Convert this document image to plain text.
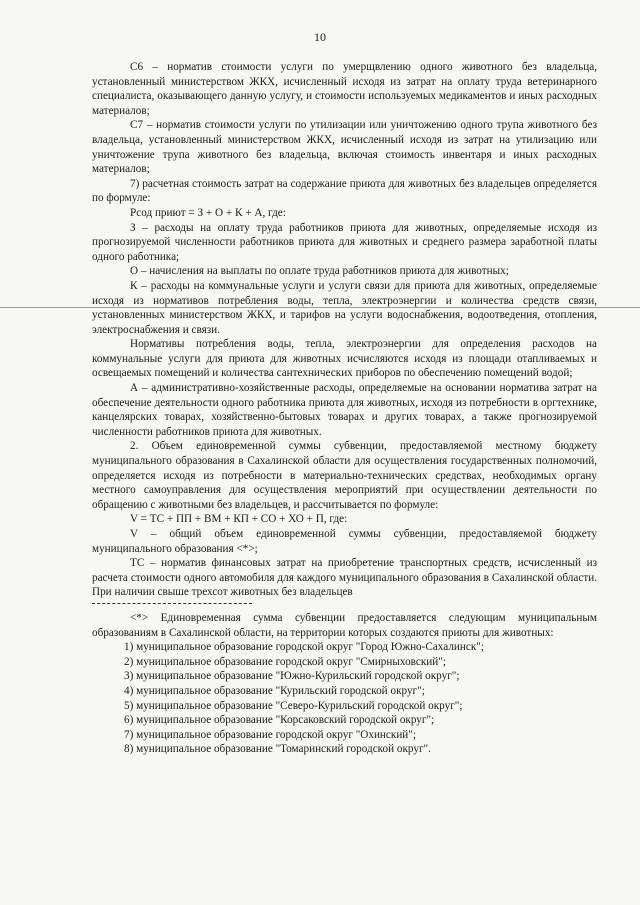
10

С6 – норматив стоимости услуги по умерщвлению одного животного без владельца, установленный министерством ЖКХ, исчисленный исходя из затрат на оплату труда ветеринарного специалиста, оказывающего данную услугу, и стоимости используемых медикаментов и иных расходных материалов;

С7 – норматив стоимости услуги по утилизации или уничтожению одного трупа животного без владельца, установленный министерством ЖКХ, исчисленный исходя из затрат на утилизацию или уничтожение трупа животного без владельца, включая стоимость инвентаря и иных расходных материалов;

7) расчетная стоимость затрат на содержание приюта для животных без владельцев определяется по формуле:

Pсод приют = З + О + К + А, где:

З – расходы на оплату труда работников приюта для животных, определяемые исходя из прогнозируемой численности работников приюта для животных и среднего размера заработной платы одного работника;

О – начисления на выплаты по оплате труда работников приюта для животных;

К – расходы на коммунальные услуги и услуги связи для приюта для животных, определяемые исходя из нормативов потребления воды, тепла, электроэнергии и количества средств связи, установленных министерством ЖКХ, и тарифов на услуги водоснабжения, водоотведения, отопления, электроснабжения и связи.

Нормативы потребления воды, тепла, электроэнергии для определения расходов на коммунальные услуги для приюта для животных исчисляются исходя из площади отапливаемых и освещаемых помещений и количества сантехнических приборов по обеспечению помещений водой;

А – административно-хозяйственные расходы, определяемые на основании норматива затрат на обеспечение деятельности одного работника приюта для животных, исходя из потребности в оргтехнике, канцелярских товарах, хозяйственно-бытовых товарах и других товарах, а также прогнозируемой численности работников приюта для животных.

2. Объем единовременной суммы субвенции, предоставляемой местному бюджету муниципального образования в Сахалинской области для осуществления государственных полномочий, определяется исходя из потребности в материально-технических средствах, необходимых органу местного самоуправления для осуществления мероприятий при осуществлении деятельности по обращению с животными без владельцев, и рассчитывается по формуле:

V = ТС + ПП + ВМ + КП + СО + ХО + П, где:

V – общий объем единовременной суммы субвенции, предоставляемой бюджету муниципального образования <*>;

ТС – норматив финансовых затрат на приобретение транспортных средств, исчисленный из расчета стоимости одного автомобиля для каждого муниципального образования в Сахалинской области. При наличии свыше трехсот животных без владельцев

<*> Единовременная сумма субвенции предоставляется следующим муниципальным образованиям в Сахалинской области, на территории которых создаются приюты для животных:

1) муниципальное образование городской округ "Город Южно-Сахалинск";
2) муниципальное образование городской округ "Смирныховский";
3) муниципальное образование "Южно-Курильский городской округ";
4) муниципальное образование "Курильский городской округ";
5) муниципальное образование "Северо-Курильский городской округ";
6) муниципальное образование "Корсаковский городской округ";
7) муниципальное образование городской округ "Охинский";
8) муниципальное образование "Томаринский городской округ".
